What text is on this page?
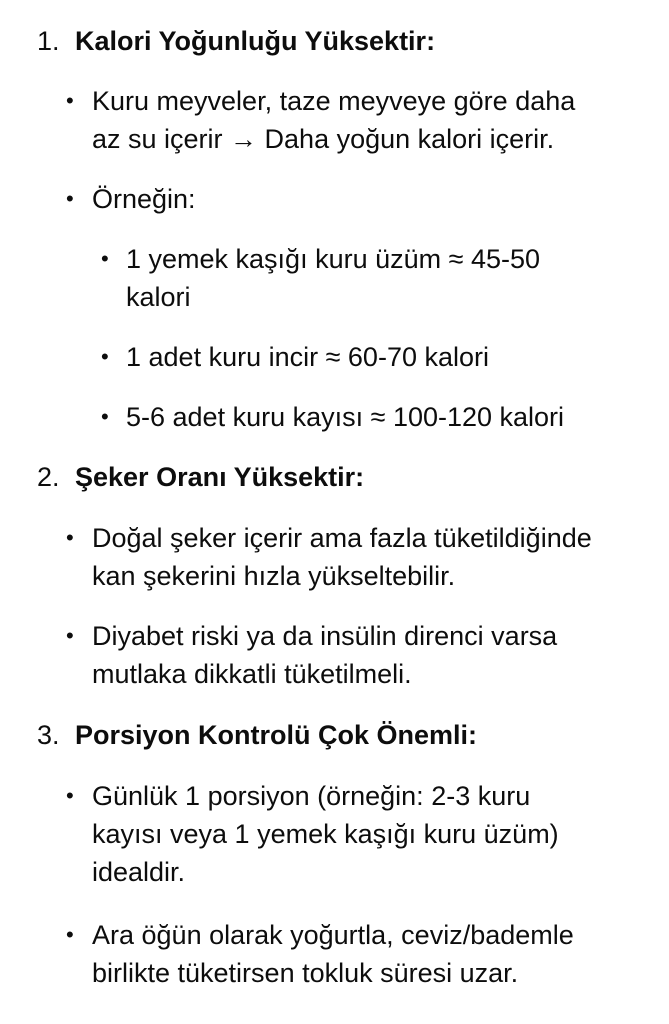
1. Kalori Yoğunluğu Yüksektir:
• Kuru meyveler, taze meyveye göre daha
az su içerir → Daha yoğun kalori içerir.
• Örneğin:
• 1 yemek kaşığı kuru üzüm ≈ 45-50
kalori
• 1 adet kuru incir ≈ 60-70 kalori
• 5-6 adet kuru kayısı ≈ 100-120 kalori
2. Şeker Oranı Yüksektir:
• Doğal şeker içerir ama fazla tüketildiğinde
kan şekerini hızla yükseltebilir.
• Diyabet riski ya da insülin direnci varsa
mutlaka dikkatli tüketilmeli.
3. Porsiyon Kontrolü Çok Önemli:
• Günlük 1 porsiyon (örneğin: 2-3 kuru
kayısı veya 1 yemek kaşığı kuru üzüm)
idealdir.
• Ara öğün olarak yoğurtla, ceviz/bademle
birlikte tüketirsen tokluk süresi uzar.
